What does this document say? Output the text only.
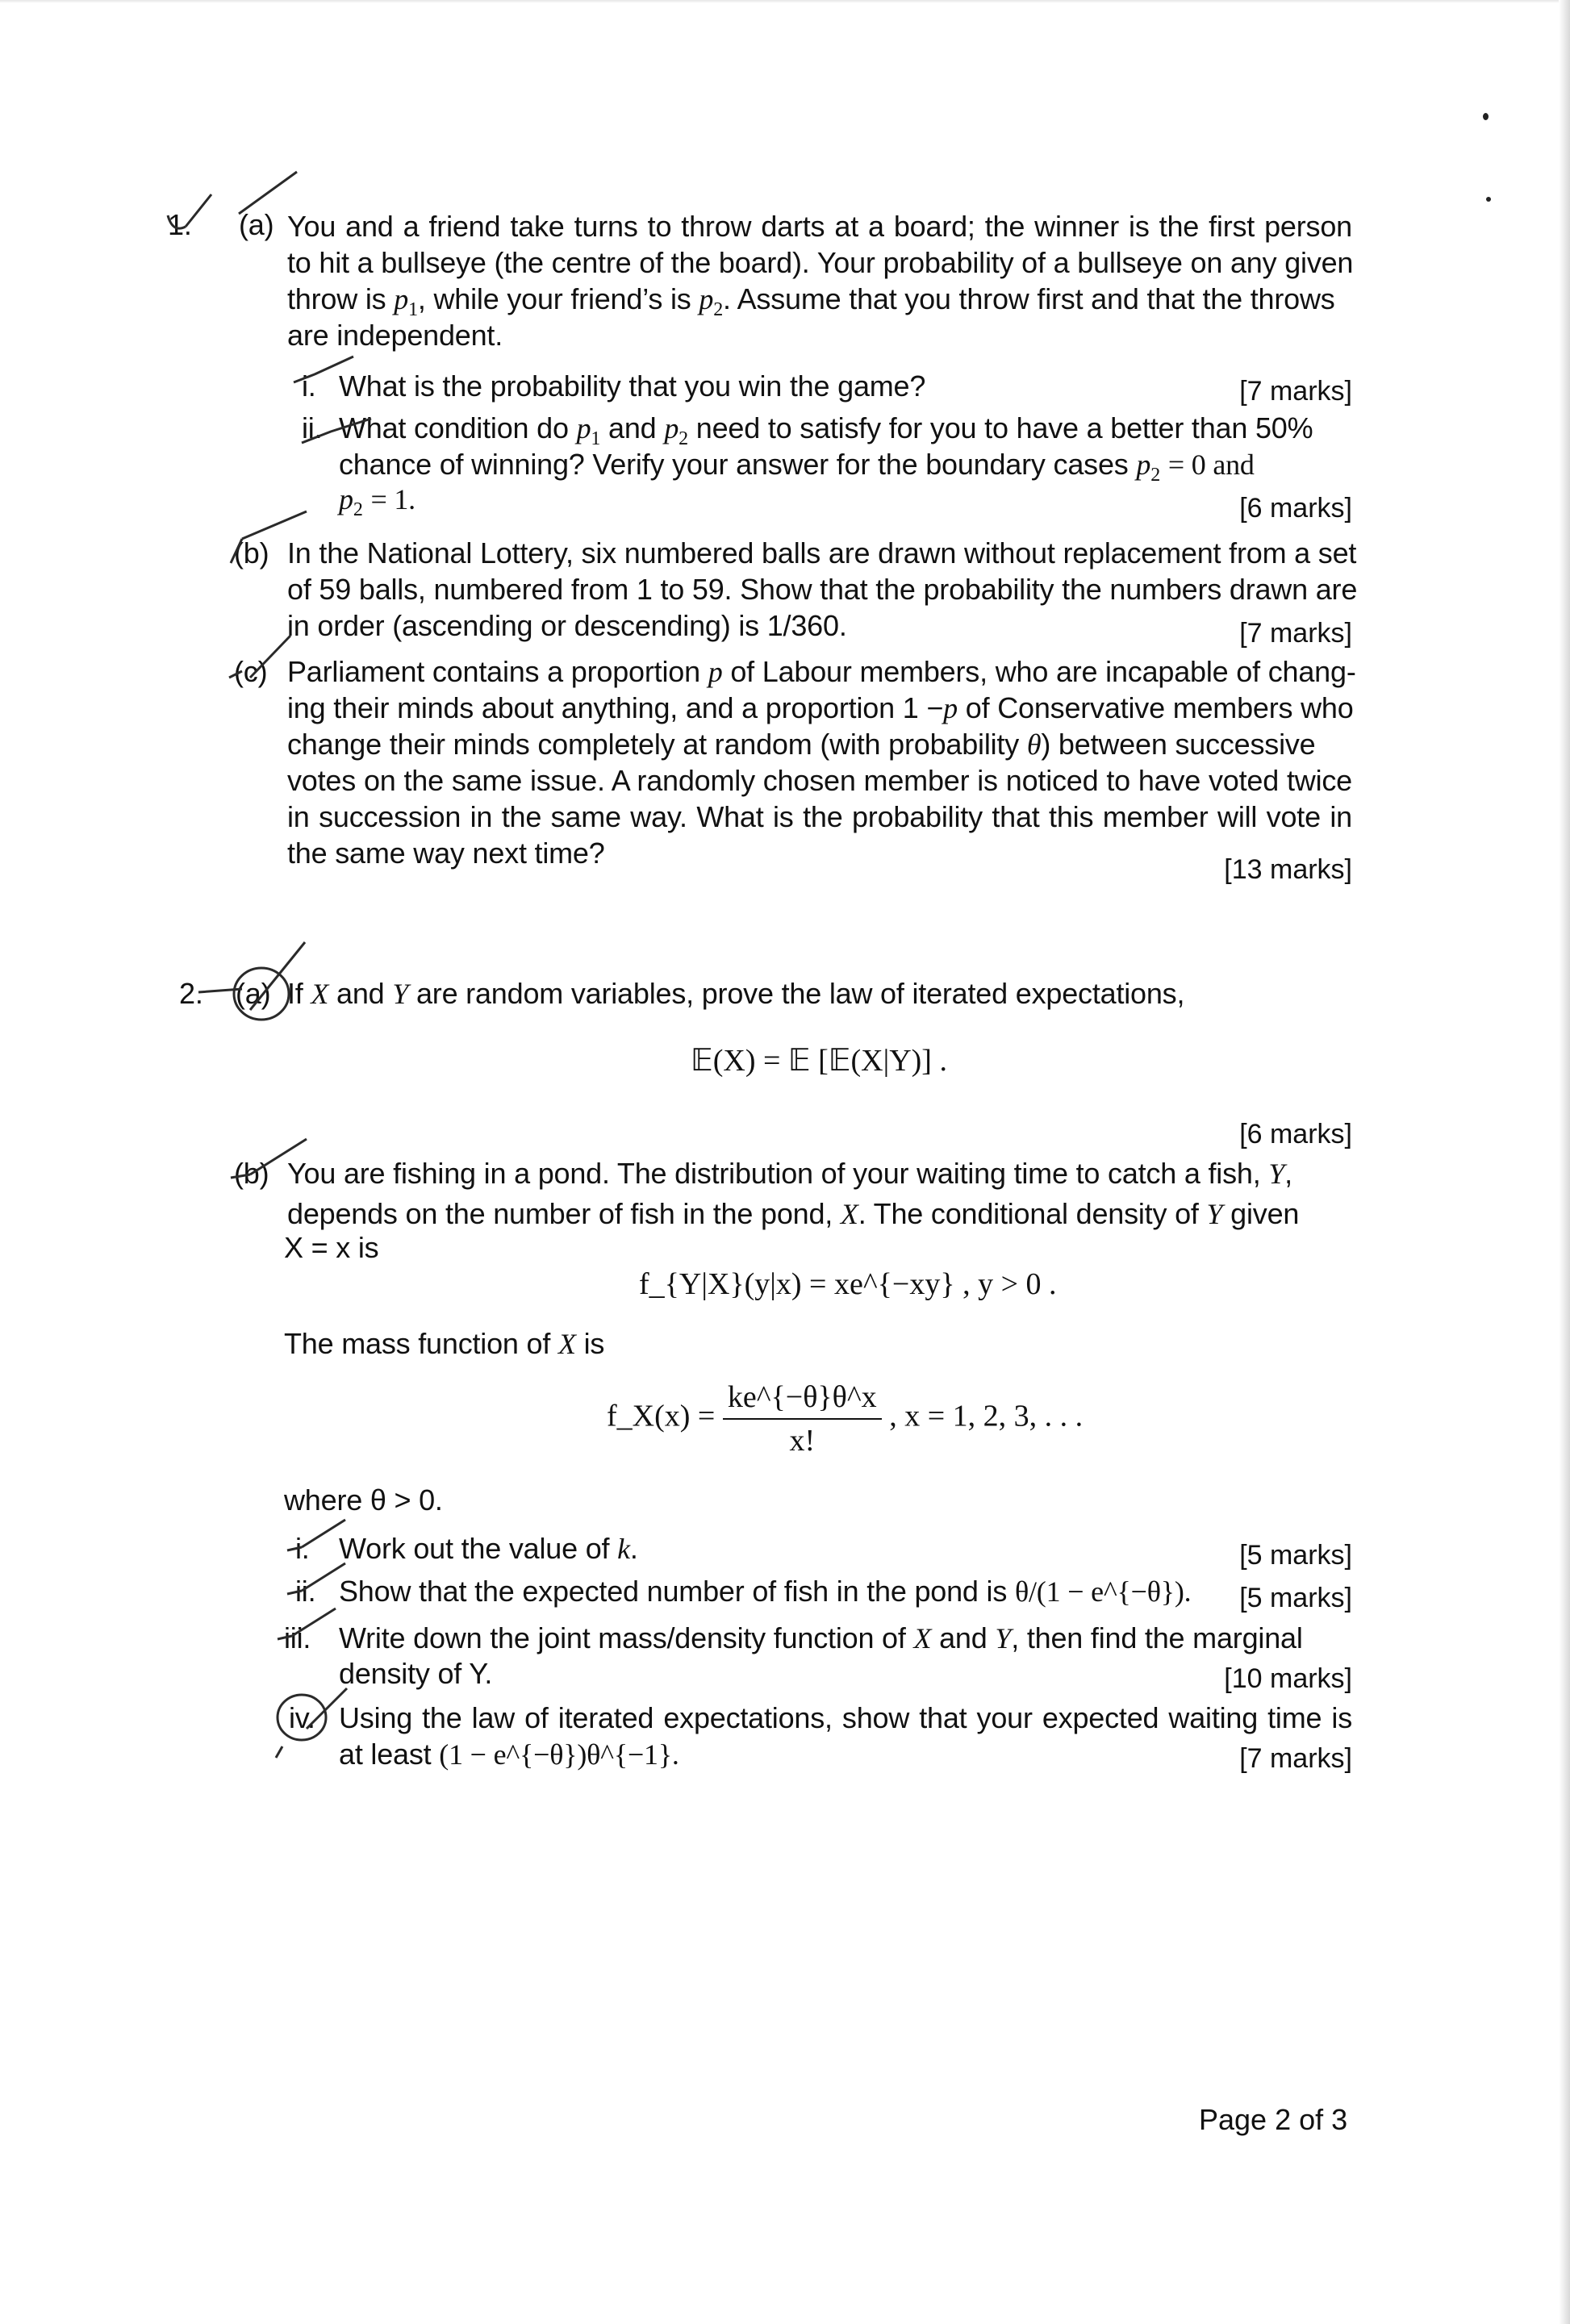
1. (a) You and a friend take turns to throw darts at a board; the winner is the first person
to hit a bullseye (the centre of the board). Your probability of a bullseye on any given
throw is $p_1$, while your friend’s is $p_2$. Assume that you throw first and that the throws
are independent.
i. What is the probability that you win the game?	[7 marks]
ii. What condition do $p_1$ and $p_2$ need to satisfy for you to have a better than 50%
chance of winning? Verify your answer for the boundary cases $p_2 = 0$ and
$p_2 = 1$.	[6 marks]
(b) In the National Lottery, six numbered balls are drawn without replacement from a set
of 59 balls, numbered from 1 to 59. Show that the probability the numbers drawn are
in order (ascending or descending) is 1/360.	[7 marks]
(c) Parliament contains a proportion p of Labour members, who are incapable of chang-
ing their minds about anything, and a proportion 1 −p of Conservative members who
change their minds completely at random (with probability θ) between successive
votes on the same issue. A randomly chosen member is noticed to have voted twice
in succession in the same way. What is the probability that this member will vote in
the same way next time?	[13 marks]
2. (a) If X and Y are random variables, prove the law of iterated expectations,
𝔼(X) = 𝔼 [𝔼(X|Y)] .
[6 marks]
(b) You are fishing in a pond. The distribution of your waiting time to catch a fish, Y,
depends on the number of fish in the pond, X. The conditional density of Y given
X = x is
f_{Y|X}(y|x) = xe^{−xy} , y > 0 .
The mass function of X is
f_X(x) = $\frac{ke\^{}\{-\theta\}\theta\^{}x}{x!}$ , x = 1, 2, 3, . . .
where θ > 0.
i. Work out the value of k.	[5 marks]
ii. Show that the expected number of fish in the pond is θ/(1 − e^{−θ}).	[5 marks]
iii. Write down the joint mass/density function of X and Y, then find the marginal
density of Y.	[10 marks]
iv. Using the law of iterated expectations, show that your expected waiting time is
at least (1 − e^{−θ})θ^{−1}.	[7 marks]
Page 2 of 3
